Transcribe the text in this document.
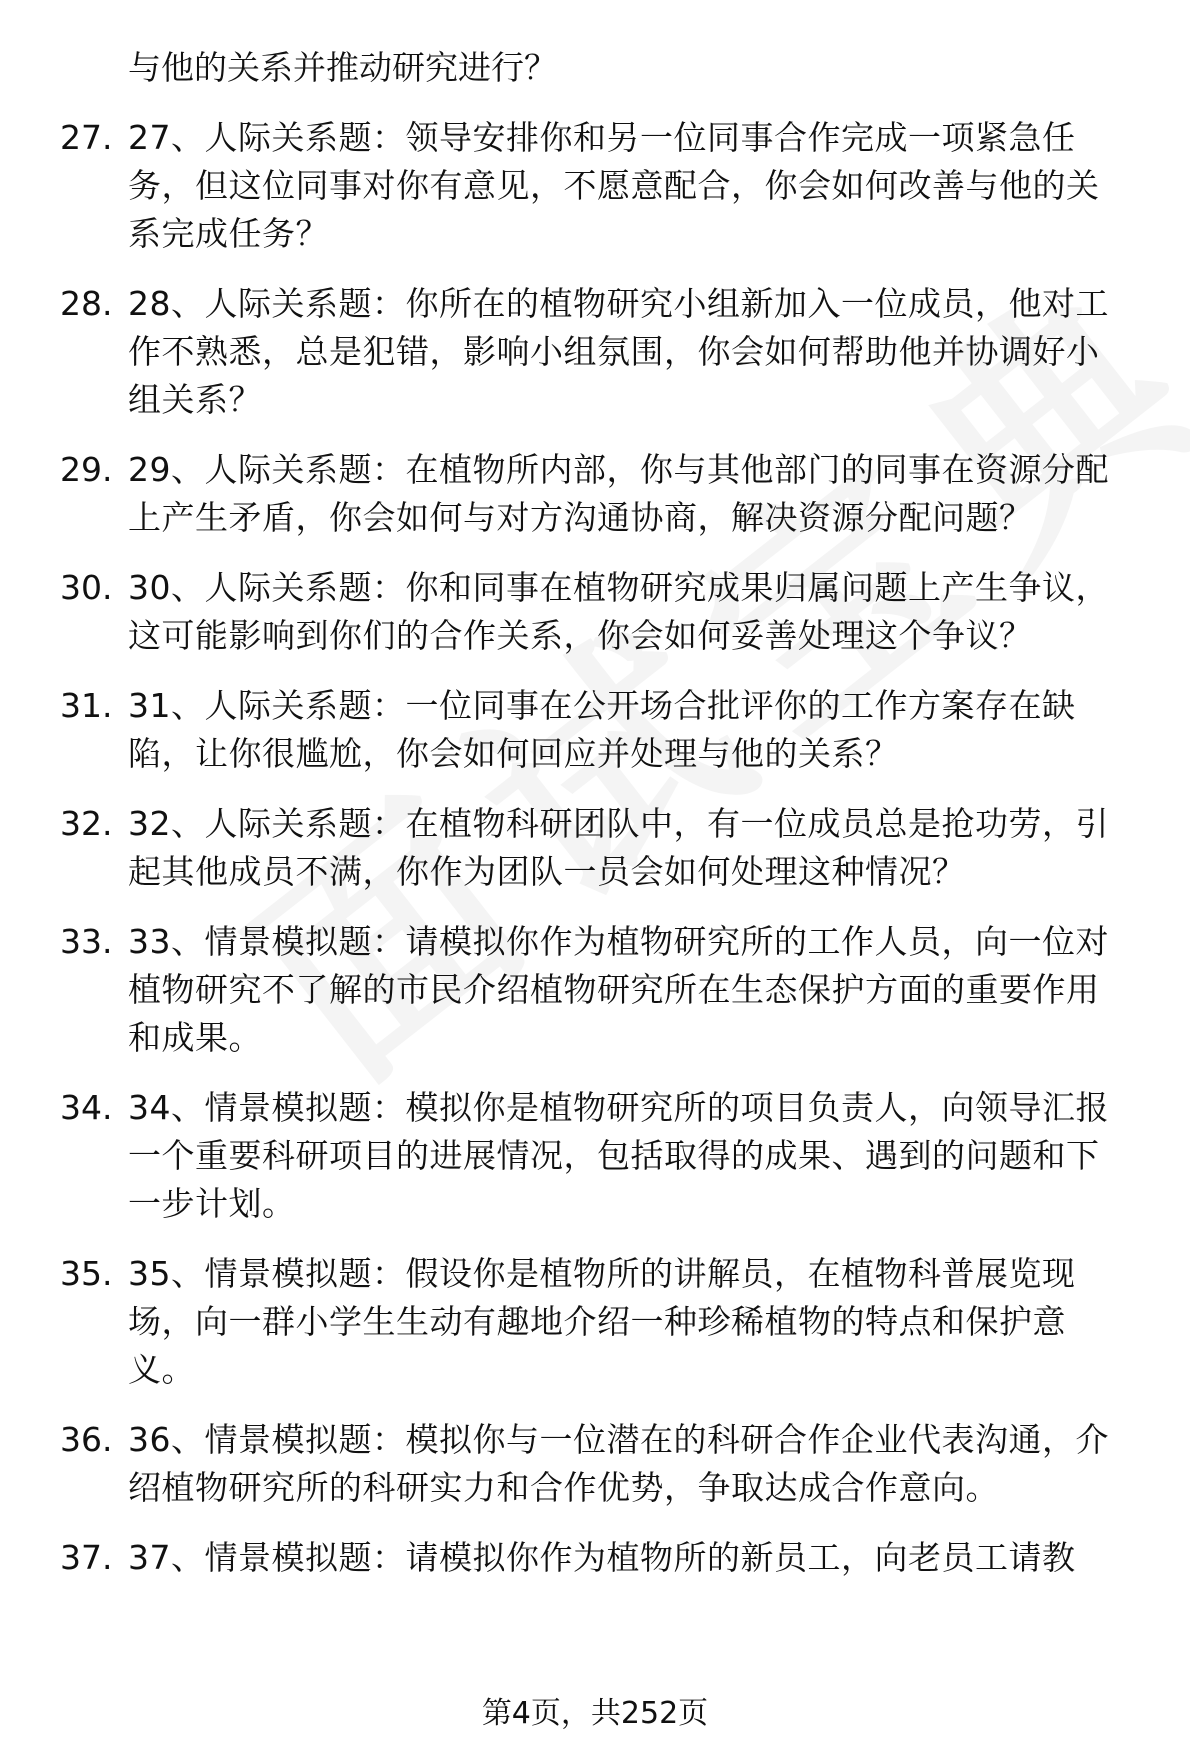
与他的关系并推动研究进行？
27. 27、人际关系题：领导安排你和另一位同事合作完成一项紧急任务，但这位同事对你有意见，不愿意配合，你会如何改善与他的关系完成任务？
28. 28、人际关系题：你所在的植物研究小组新加入一位成员，他对工作不熟悉，总是犯错，影响小组氛围，你会如何帮助他并协调好小组关系？
29. 29、人际关系题：在植物所内部，你与其他部门的同事在资源分配上产生矛盾，你会如何与对方沟通协商，解决资源分配问题？
30. 30、人际关系题：你和同事在植物研究成果归属问题上产生争议，这可能影响到你们的合作关系，你会如何妥善处理这个争议？
31. 31、人际关系题：一位同事在公开场合批评你的工作方案存在缺陷，让你很尴尬，你会如何回应并处理与他的关系？
32. 32、人际关系题：在植物科研团队中，有一位成员总是抢功劳，引起其他成员不满，你作为团队一员会如何处理这种情况？
33. 33、情景模拟题：请模拟你作为植物研究所的工作人员，向一位对植物研究不了解的市民介绍植物研究所在生态保护方面的重要作用和成果。
34. 34、情景模拟题：模拟你是植物研究所的项目负责人，向领导汇报一个重要科研项目的进展情况，包括取得的成果、遇到的问题和下一步计划。
35. 35、情景模拟题：假设你是植物所的讲解员，在植物科普展览现场，向一群小学生生动有趣地介绍一种珍稀植物的特点和保护意义。
36. 36、情景模拟题：模拟你与一位潜在的科研合作企业代表沟通，介绍植物研究所的科研实力和合作优势，争取达成合作意向。
37. 37、情景模拟题：请模拟你作为植物所的新员工，向老员工请教
第4页，共252页
